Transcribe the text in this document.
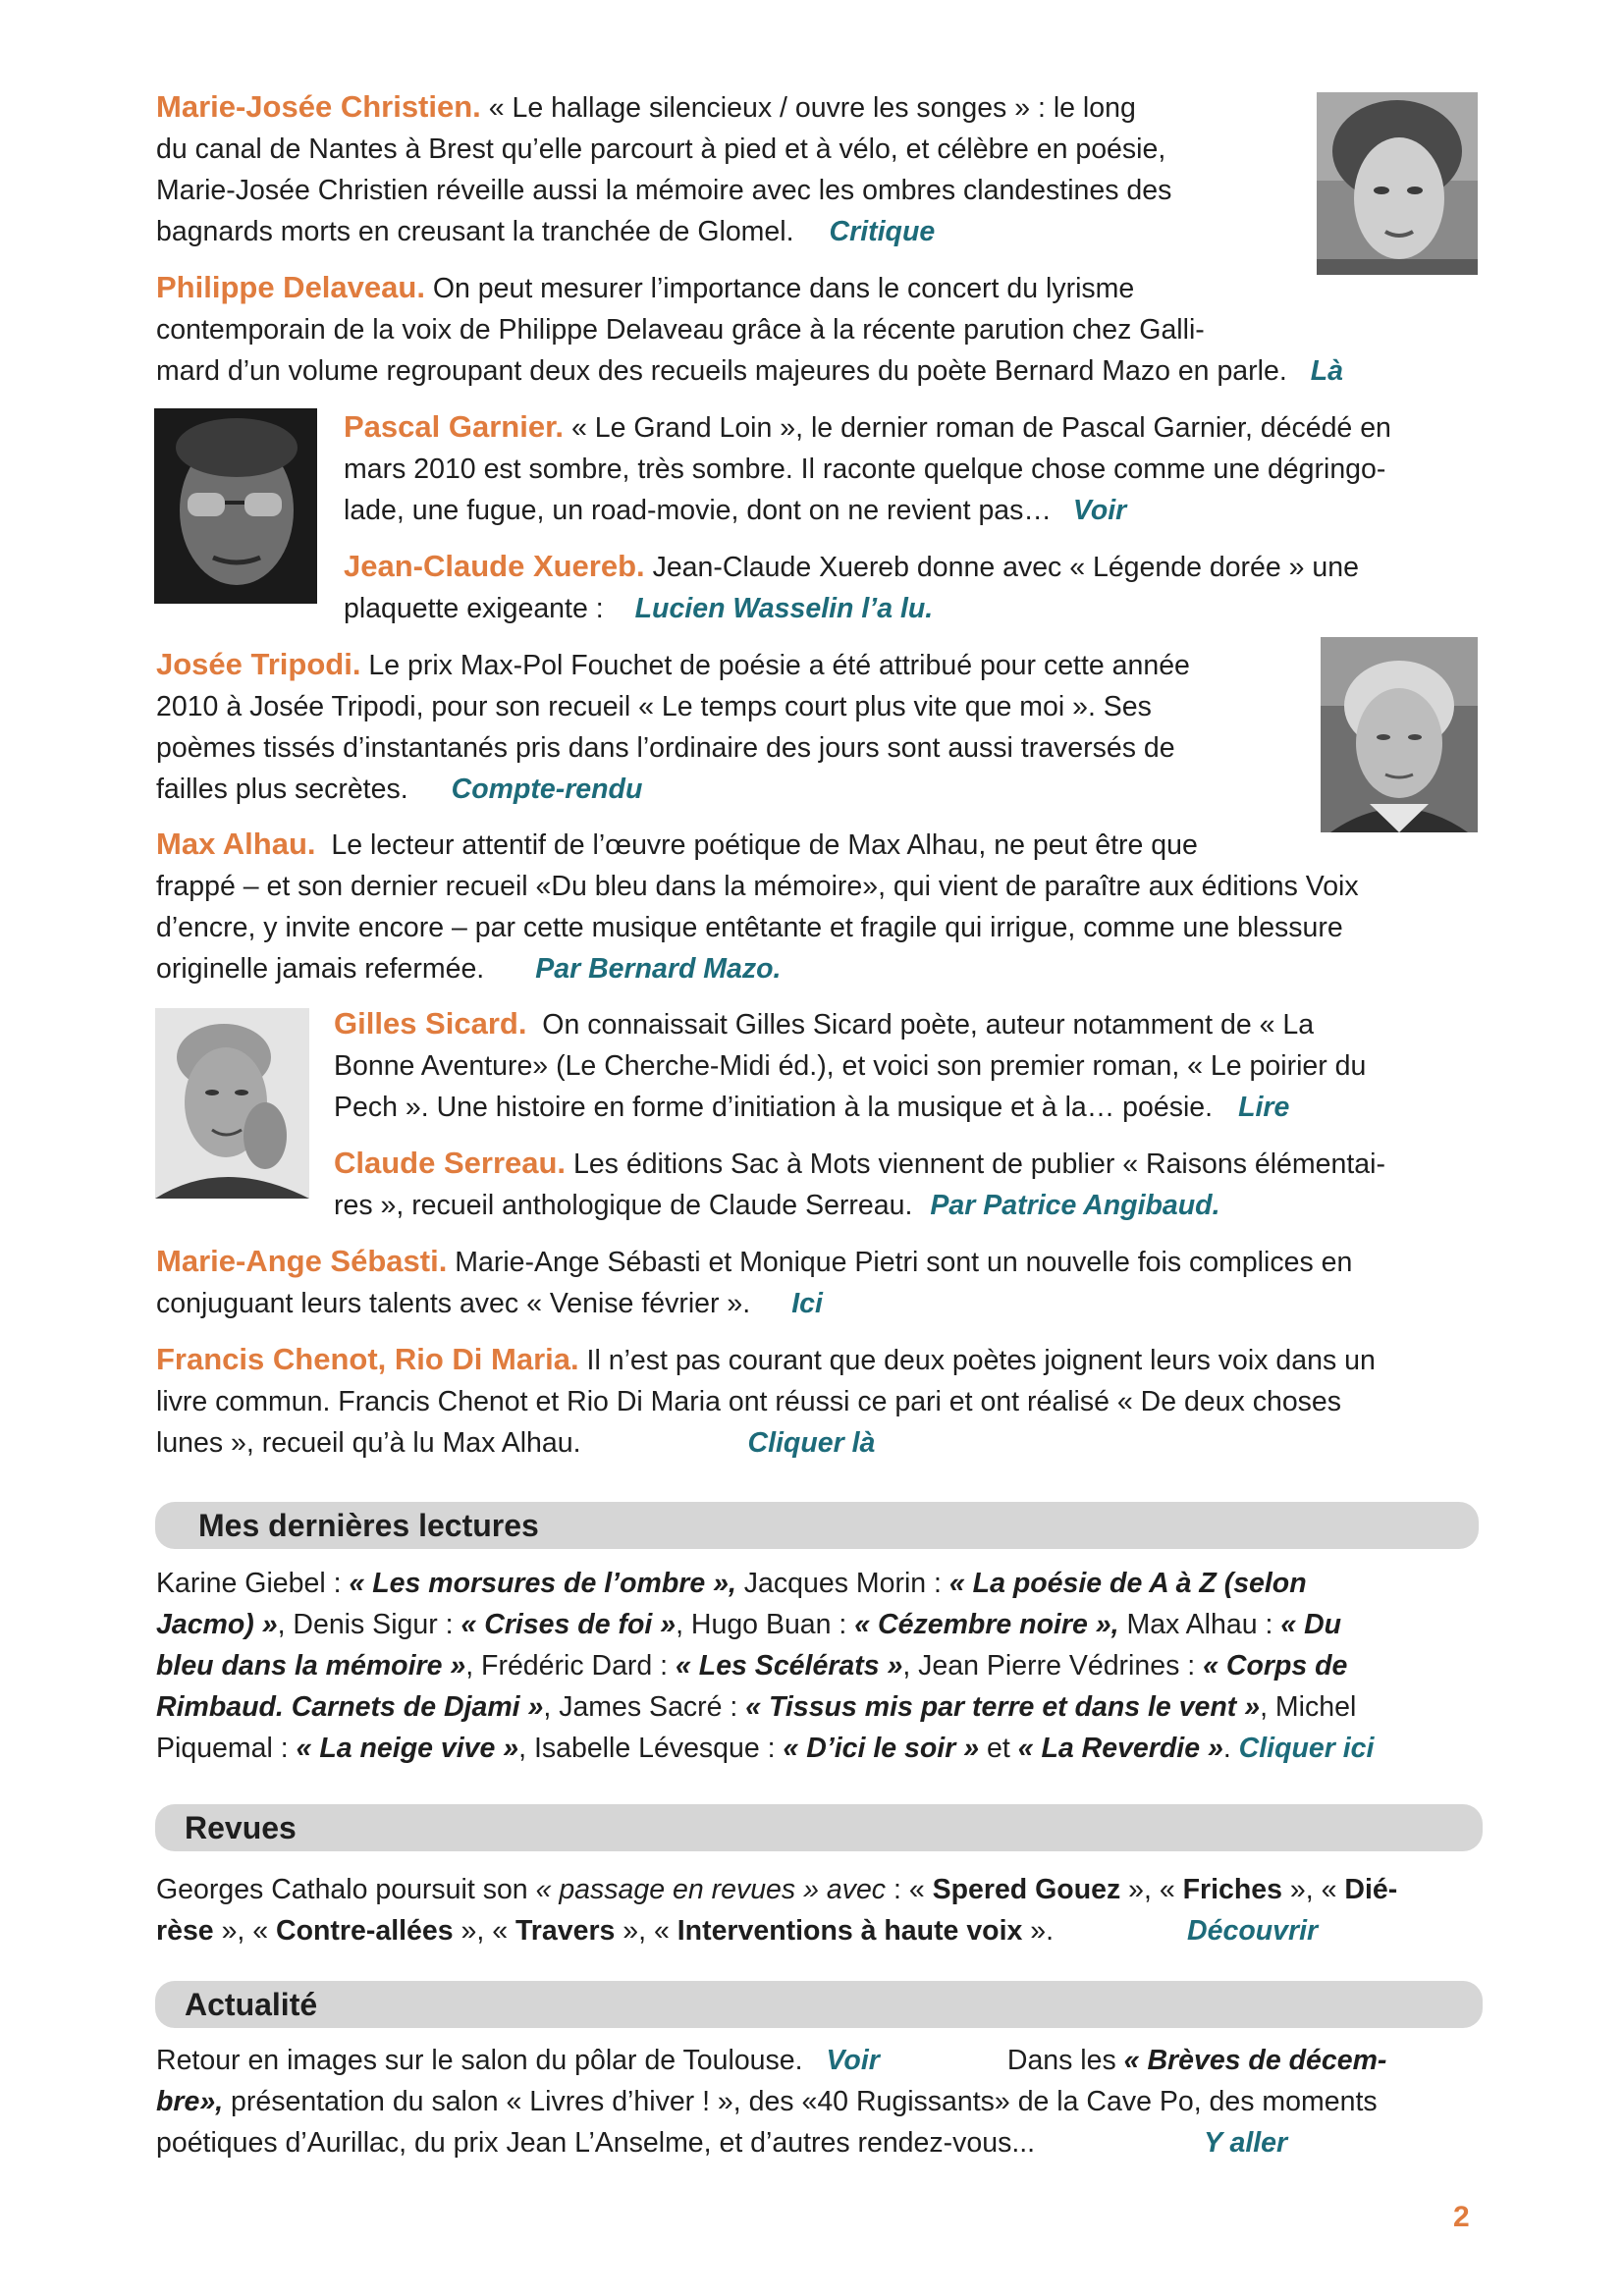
Marie-Josée Christien. « Le hallage silencieux / ouvre les songes » : le long
du canal de Nantes à Brest qu’elle parcourt à pied et à vélo, et célèbre en poésie,
Marie-Josée Christien réveille aussi la mémoire avec les ombres clandestines des
bagnards morts en creusant la tranchée de Glomel. Critique
Philippe Delaveau. On peut mesurer l’importance dans le concert du lyrisme
contemporain de la voix de Philippe Delaveau grâce à la récente parution chez Galli-
mard d’un volume regroupant deux des recueils majeures du poète Bernard Mazo en parle. Là
Pascal Garnier. « Le Grand Loin », le dernier roman de Pascal Garnier, décédé en
mars 2010 est sombre, très sombre. Il raconte quelque chose comme une dégringo-
lade, une fugue, un road-movie, dont on ne revient pas… Voir
Jean-Claude Xuereb. Jean-Claude Xuereb donne avec « Légende dorée » une
plaquette exigeante : Lucien Wasselin l’a lu.
Josée Tripodi. Le prix Max-Pol Fouchet de poésie a été attribué pour cette année
2010 à Josée Tripodi, pour son recueil « Le temps court plus vite que moi ». Ses
poèmes tissés d’instantanés pris dans l’ordinaire des jours sont aussi traversés de
failles plus secrètes. Compte-rendu
Max Alhau. Le lecteur attentif de l’œuvre poétique de Max Alhau, ne peut être que
frappé – et son dernier recueil «Du bleu dans la mémoire», qui vient de paraître aux éditions Voix
d’encre, y invite encore – par cette musique entêtante et fragile qui irrigue, comme une blessure
originelle jamais refermée. Par Bernard Mazo.
Gilles Sicard. On connaissait Gilles Sicard poète, auteur notamment de « La
Bonne Aventure» (Le Cherche-Midi éd.), et voici son premier roman, « Le poirier du
Pech ». Une histoire en forme d’initiation à la musique et à la… poésie. Lire
Claude Serreau. Les éditions Sac à Mots viennent de publier « Raisons élémentai-
res », recueil anthologique de Claude Serreau. Par Patrice Angibaud.
Marie-Ange Sébasti. Marie-Ange Sébasti et Monique Pietri sont un nouvelle fois complices en
conjuguant leurs talents avec « Venise février ». Ici
Francis Chenot, Rio Di Maria. Il n’est pas courant que deux poètes joignent leurs voix dans un
livre commun. Francis Chenot et Rio Di Maria ont réussi ce pari et ont réalisé « De deux choses
lunes », recueil qu’à lu Max Alhau.	Cliquer là
Mes dernières lectures
Karine Giebel : « Les morsures de l’ombre », Jacques Morin : « La poésie de A à Z (selon
Jacmo) », Denis Sigur : « Crises de foi », Hugo Buan : « Cézembre noire », Max Alhau : « Du
bleu dans la mémoire », Frédéric Dard : « Les Scélérats », Jean Pierre Védrines : « Corps de
Rimbaud. Carnets de Djami », James Sacré : « Tissus mis par terre et dans le vent », Michel
Piquemal : « La neige vive », Isabelle Lévesque : « D’ici le soir » et « La Reverdie ». Cliquer ici
Revues
Georges Cathalo poursuit son « passage en revues » avec : « Spered Gouez », « Friches », « Dié-
rèse », « Contre-allées », « Travers », « Interventions à haute voix ».	Découvrir
Actualité
Retour en images sur le salon du pôlar de Toulouse. Voir	Dans les « Brèves de décem-
bre», présentation du salon « Livres d’hiver ! », des «40 Rugissants» de la Cave Po, des moments
poétiques d’Aurillac, du prix Jean L’Anselme, et d’autres rendez-vous...	Y aller
2
